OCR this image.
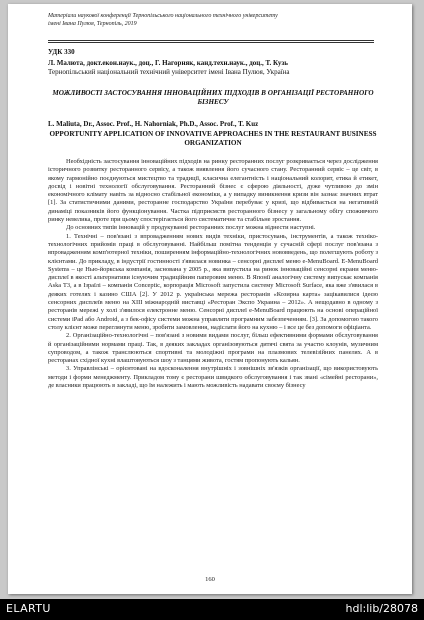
Матеріали наукової конференції Тернопільського національного технічного університету
імені Івана Пулюя, Тернопіль, 2019
УДК 330
Л. Малюта, докт.екон.наук., доц., Г. Нагорняк, канд.техн.наук., доц., Т. Кузь
Тернопільський національний технічний університет імені Івана Пулюя, Україна
МОЖЛИВОСТІ ЗАСТОСУВАННЯ ІННОВАЦІЙНИХ ПІДХОДІВ В ОРГАНІЗАЦІЇ РЕСТОРАННОГО БІЗНЕСУ
L. Maliuta, Dr., Assoc. Prof., H. Nahorniak, Ph.D., Assoc. Prof., T. Kuz
OPPORTUNITY APPLICATION OF INNOVATIVE APPROACHES IN THE RESTAURANT BUSINESS ORGANIZATION

Необхідність застосування інноваційних підходів на ринку ресторанних послуг розкривається через дослідження історичного розвитку ресторанного сервісу, а також виявлення його сучасного стану. Ресторанний сервіс – це світ, в якому гармонійно поєднуються мистецтво та традиції, класична елегантність і національний колорит, етика й етикет, досвід і новітні технології обслуговування. Ресторанний бізнес є сферою діяльності, дуже чутливою до змін економічного клімату навіть за відносно стабільної економіки, а у випадку виникнення кризи він зазнає значних втрат [1]. За статистичними даними, ресторанне господарство України перебуває у кризі, що відбивається на негативній динаміці показників його функціонування. Частка підприємств ресторанного бізнесу у загальному обігу споживчого ринку невелика, проте при цьому спостерігається його систематичне та стабільне зростання.

До основних типів інновацій у продукуванні ресторанних послуг можна віднести наступні.

1. Технічні – пов'язані з впровадженням нових видів техніки, пристосувань, інструментів, а також техніко-технологічних прийомів праці в обслуговуванні. Найбільш помітна тенденція у сучасній сфері послуг пов'язана з впровадженням комп'ютерної техніки, поширенням інформаційно-технологічних нововведень, що полегшують роботу з клієнтами. До прикладу, в індустрії гостинності з'явилася новинка – сенсорні дисплеї меню e-MenuBoard. E-MenuBoard Systems – це Нью-йоркська компанія, заснована у 2005 р., яка випустила на ринок інноваційні сенсорні екрани меню-дисплеї в якості альтернативи існуючим традиційним паперовим меню. В Японії аналогічну систему випускає компанія Aska T3, а в Ізраїлі – компанія Conceptic, корпорація Microsoft запустила систему Microsoft Surface, яка вже з'явилася в деяких готелях і казино США [2]. У 2012 р. українська мережа ресторанів «Козирна карта» зацікавилися ідеєю сенсорних дисплеїв меню на XIII міжнародній виставці «Ресторан Экспо Украина – 2012». А нещодавно в одному з ресторанів мережі у холі з'явилося електронне меню. Сенсорні дисплеї e-MenuBoard працюють на основі операційної системи iPad або Android, а з бек-офісу системи можна управляти програмним забезпеченням. [3]. За допомогою такого столу клієнт може переглянути меню, зробити замовлення, надіслати його на кухню – і все це без допомоги офіціанта.

2. Організаційно-технологічні – пов'язані з новими видами послуг, більш ефективними формами обслуговування й організаційними нормами праці. Так, в деяких закладах організовуються дитячі свята за участю клоунів, музичним супроводом, а також транслюються спортивні та молодіжні програми на плазмових телевізійних панелях. А в ресторанах східної кухні влаштовуються шоу з танцями живота, гостям пропонують кальян.

3. Управлінські – орієнтовані на вдосконалення внутрішніх і зовнішніх зв'язків організації, що використовують методи і форми менеджменту. Прикладом тому є ресторани швидкого обслуговування і так звані «сімейні ресторани», де власники працюють в закладі, що їм належить і мають можливість надавати своєму бізнесу

160
ELARTU	hdl:lib/28078
